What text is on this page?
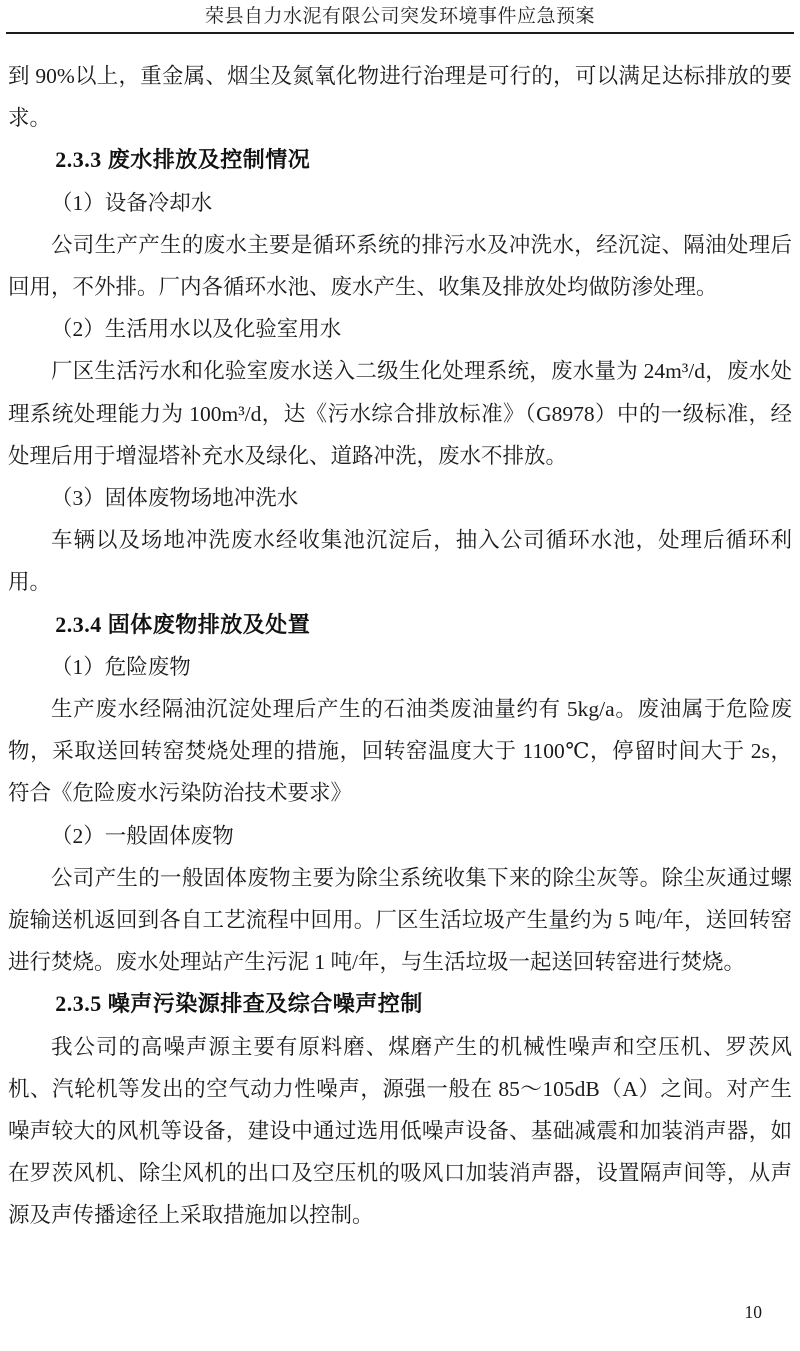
荣县自力水泥有限公司突发环境事件应急预案

到 90%以上，重金属、烟尘及氮氧化物进行治理是可行的，可以满足达标排放的要求。

2.3.3 废水排放及控制情况

（1）设备冷却水

公司生产产生的废水主要是循环系统的排污水及冲洗水，经沉淀、隔油处理后回用，不外排。厂内各循环水池、废水产生、收集及排放处均做防渗处理。

（2）生活用水以及化验室用水

厂区生活污水和化验室废水送入二级生化处理系统，废水量为 24m³/d，废水处理系统处理能力为 100m³/d，达《污水综合排放标准》（G8978）中的一级标准，经处理后用于增湿塔补充水及绿化、道路冲洗，废水不排放。

（3）固体废物场地冲洗水

车辆以及场地冲洗废水经收集池沉淀后，抽入公司循环水池，处理后循环利用。

2.3.4 固体废物排放及处置

（1）危险废物

生产废水经隔油沉淀处理后产生的石油类废油量约有 5kg/a。废油属于危险废物，采取送回转窑焚烧处理的措施，回转窑温度大于 1100℃，停留时间大于 2s，符合《危险废水污染防治技术要求》

（2）一般固体废物

公司产生的一般固体废物主要为除尘系统收集下来的除尘灰等。除尘灰通过螺旋输送机返回到各自工艺流程中回用。厂区生活垃圾产生量约为 5 吨/年，送回转窑进行焚烧。废水处理站产生污泥 1 吨/年，与生活垃圾一起送回转窑进行焚烧。

2.3.5 噪声污染源排查及综合噪声控制

我公司的高噪声源主要有原料磨、煤磨产生的机械性噪声和空压机、罗茨风机、汽轮机等发出的空气动力性噪声，源强一般在 85～105dB（A）之间。对产生噪声较大的风机等设备，建设中通过选用低噪声设备、基础减震和加装消声器，如在罗茨风机、除尘风机的出口及空压机的吸风口加装消声器，设置隔声间等，从声源及声传播途径上采取措施加以控制。

10
